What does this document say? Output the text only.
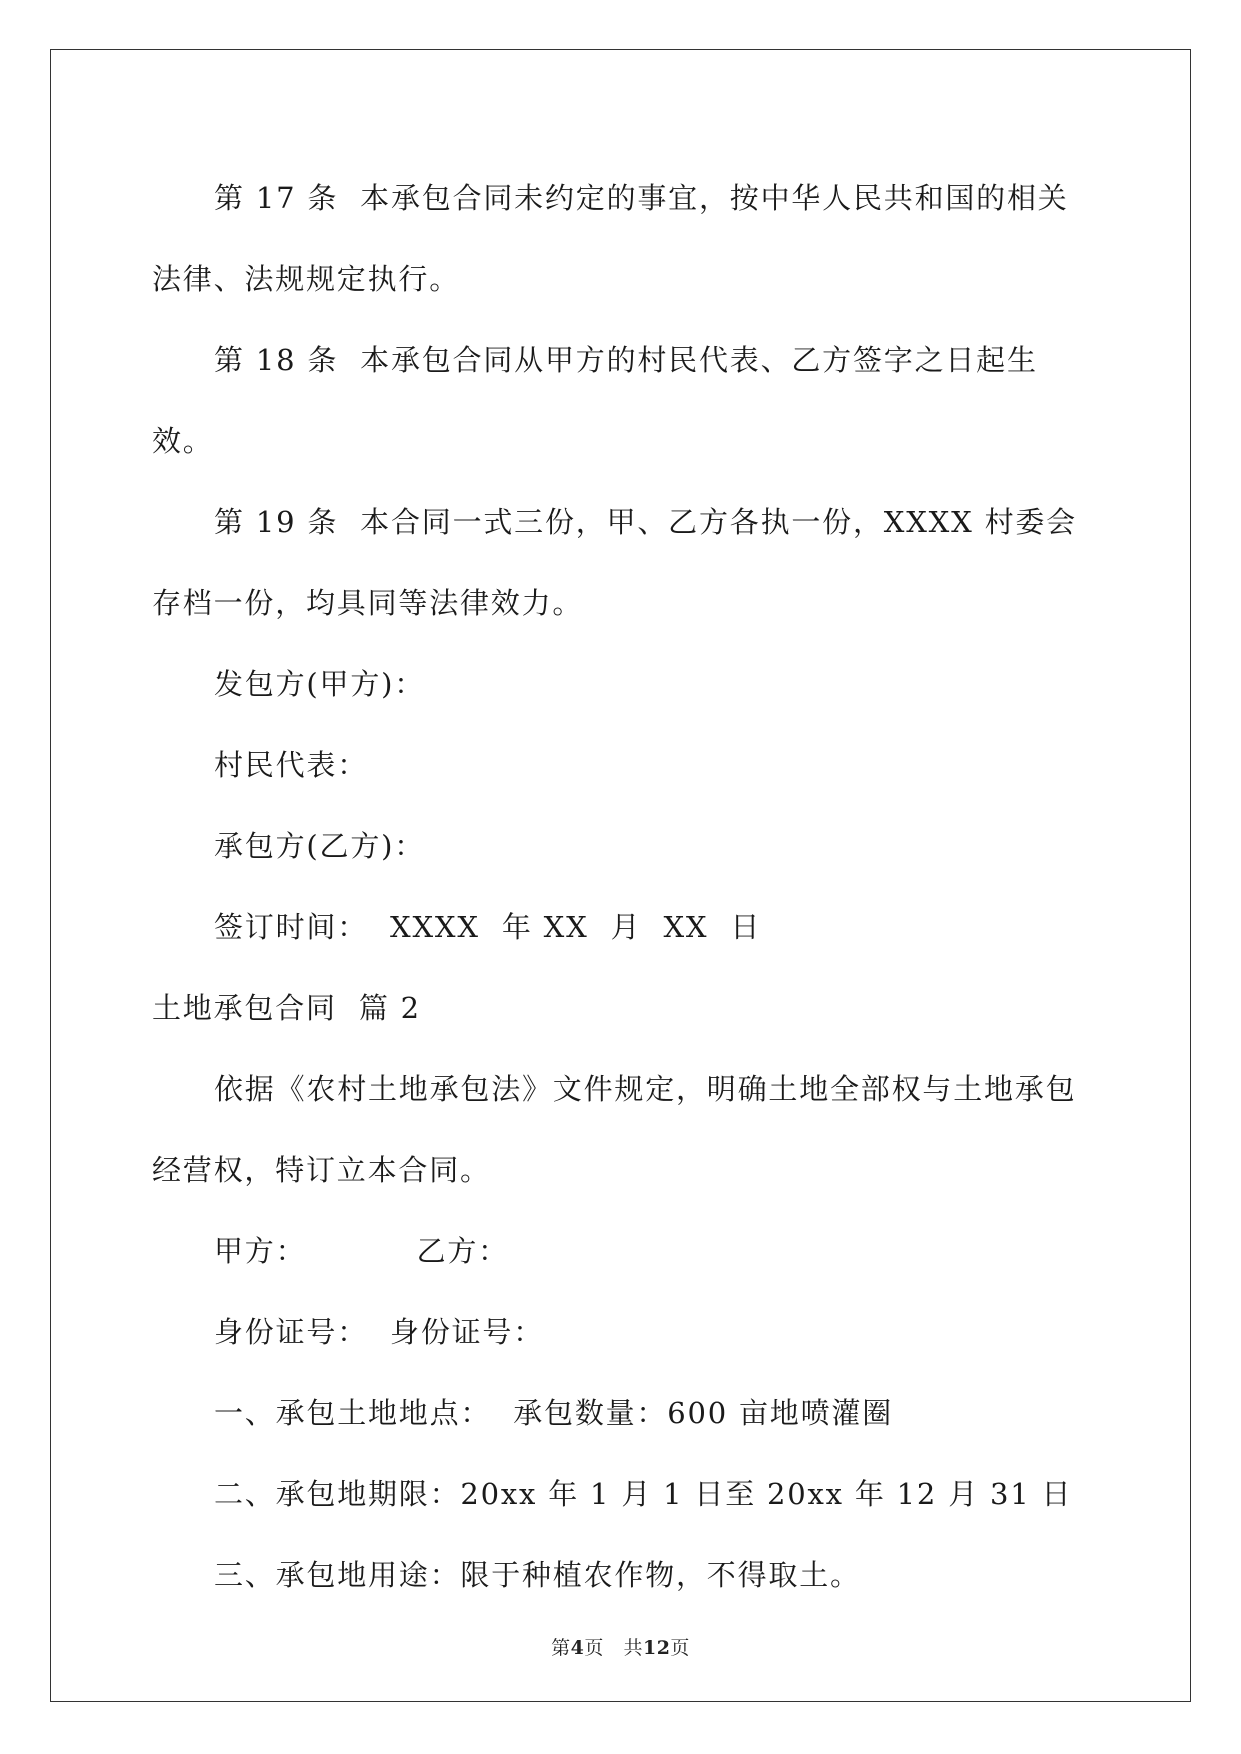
第 17 条  本承包合同未约定的事宜，按中华人民共和国的相关法律、法规规定执行。

第 18 条  本承包合同从甲方的村民代表、乙方签字之日起生效。

第 19 条  本合同一式三份，甲、乙方各执一份，XXXX 村委会存档一份，均具同等法律效力。

发包方(甲方)：

村民代表：

承包方(乙方)：

签订时间：  XXXX  年 XX  月  XX  日

土地承包合同  篇 2

依据《农村土地承包法》文件规定，明确土地全部权与土地承包经营权，特订立本合同。

甲方：          乙方：

身份证号：  身份证号：

一、承包土地地点：  承包数量：600 亩地喷灌圈

二、承包地期限：20xx 年 1 月 1 日至 20xx 年 12 月 31 日

三、承包地用途：限于种植农作物，不得取土。

第4页 共12页
